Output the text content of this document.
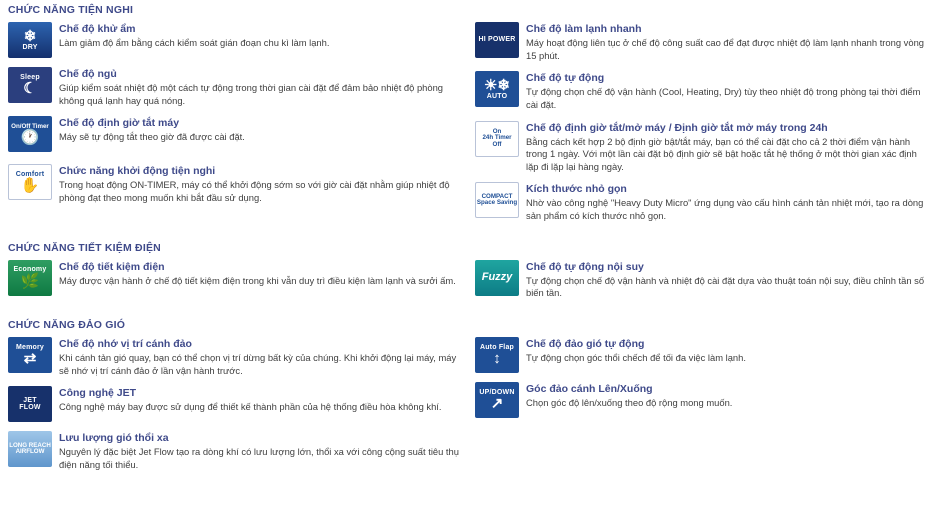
CHỨC NĂNG TIỆN NGHI
❄
DRY
Chế độ khử ẩm
Làm giảm độ ẩm bằng cách kiểm soát gián đoạn chu kì làm lạnh.
Sleep
☾
Chế độ ngủ
Giúp kiểm soát nhiệt độ một cách tự động trong thời gian cài đặt để đảm bảo nhiệt độ phòng không quá lạnh hay quá nóng.
On/Off Timer
🕐
Chế độ định giờ tắt máy
Máy sẽ tự động tắt theo giờ đã được cài đặt.
Comfort
✋
Chức năng khởi động tiện nghi
Trong hoạt động ON-TIMER, máy có thể khởi động sớm so với giờ cài đặt nhằm giúp nhiệt độ phòng đạt theo mong muốn khi bắt đầu sử dụng.
HI POWER
Chế độ làm lạnh nhanh
Máy hoạt động liên tục ở chế độ công suất cao để đạt được nhiệt độ làm lạnh nhanh trong vòng 15 phút.
☀❄
AUTO
Chế độ tự động
Tự động chọn chế độ vận hành (Cool, Heating, Dry) tùy theo nhiệt độ trong phòng tại thời điểm cài đặt.
On
24h Timer
Off
Chế độ định giờ tắt/mở máy / Định giờ tắt mở máy trong 24h
Bằng cách kết hợp 2 bộ định giờ bật/tắt máy, bạn có thể cài đặt cho cả 2 thời điểm vận hành trong 1 ngày. Với một lần cài đặt bộ định giờ sẽ bật hoặc tắt hệ thống ở một thời gian xác định lặp đi lặp lại hàng ngày.
COMPACT
Space Saving
Kích thước nhỏ gọn
Nhờ vào công nghệ "Heavy Duty Micro" ứng dụng vào cấu hình cánh tản nhiệt mới, tạo ra dòng sản phẩm có kích thước nhỏ gọn.
CHỨC NĂNG TIẾT KIỆM ĐIỆN
Economy
🌿
Chế độ tiết kiệm điện
Máy được vận hành ở chế độ tiết kiệm điện trong khi vẫn duy trì điều kiện làm lạnh và sưởi ấm. Fuzzy
Chế độ tự động nội suy
Tự động chọn chế độ vận hành và nhiệt độ cài đặt dựa vào thuật toán nội suy, điều chỉnh tần số biến tần.
CHỨC NĂNG ĐẢO GIÓ
Memory
⇄
Chế độ nhớ vị trí cánh đảo
Khi cánh tản gió quay, bạn có thể chọn vị trí dừng bất kỳ của chúng. Khi khởi động lại máy, máy sẽ nhớ vị trí cánh đảo ở lần vận hành trước.
JET
FLOW
Công nghệ JET
Công nghệ máy bay được sử dụng để thiết kế thành phần của hệ thống điều hòa không khí.
LONG REACH AIRFLOW
Lưu lượng gió thổi xa
Nguyên lý đặc biệt Jet Flow tạo ra dòng khí có lưu lượng lớn, thổi xa với công cộng suất tiêu thụ điện năng tối thiểu.
Auto Flap
↕
Chế độ đảo gió tự động
Tự động chọn góc thổi chếch để tối đa việc làm lạnh.
UP/DOWN
↗
Góc đảo cánh Lên/Xuống
Chọn góc độ lên/xuống theo độ rộng mong muốn.
